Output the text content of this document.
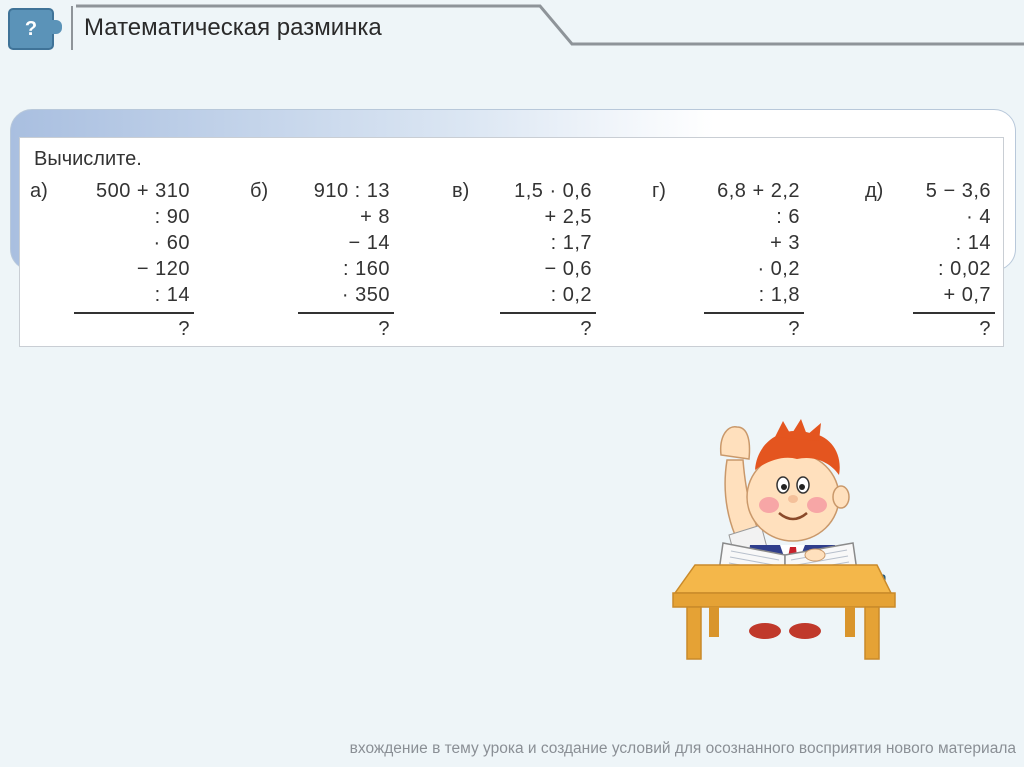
? Математическая разминка
Вычислите.
а) 500 + 310
: 90
· 60
− 120
: 14
?
б) 910 : 13
+ 8
− 14
: 160
· 350
?
в) 1,5 · 0,6
+ 2,5
: 1,7
− 0,6
: 0,2
?
г)	6,8 + 2,2
: 6
+ 3
· 0,2
: 1,8
?
д) 5 − 3,6
· 4
: 14
: 0,02
+ 0,7
?
вхождение в тему урока и создание условий для осознанного восприятия нового материала
